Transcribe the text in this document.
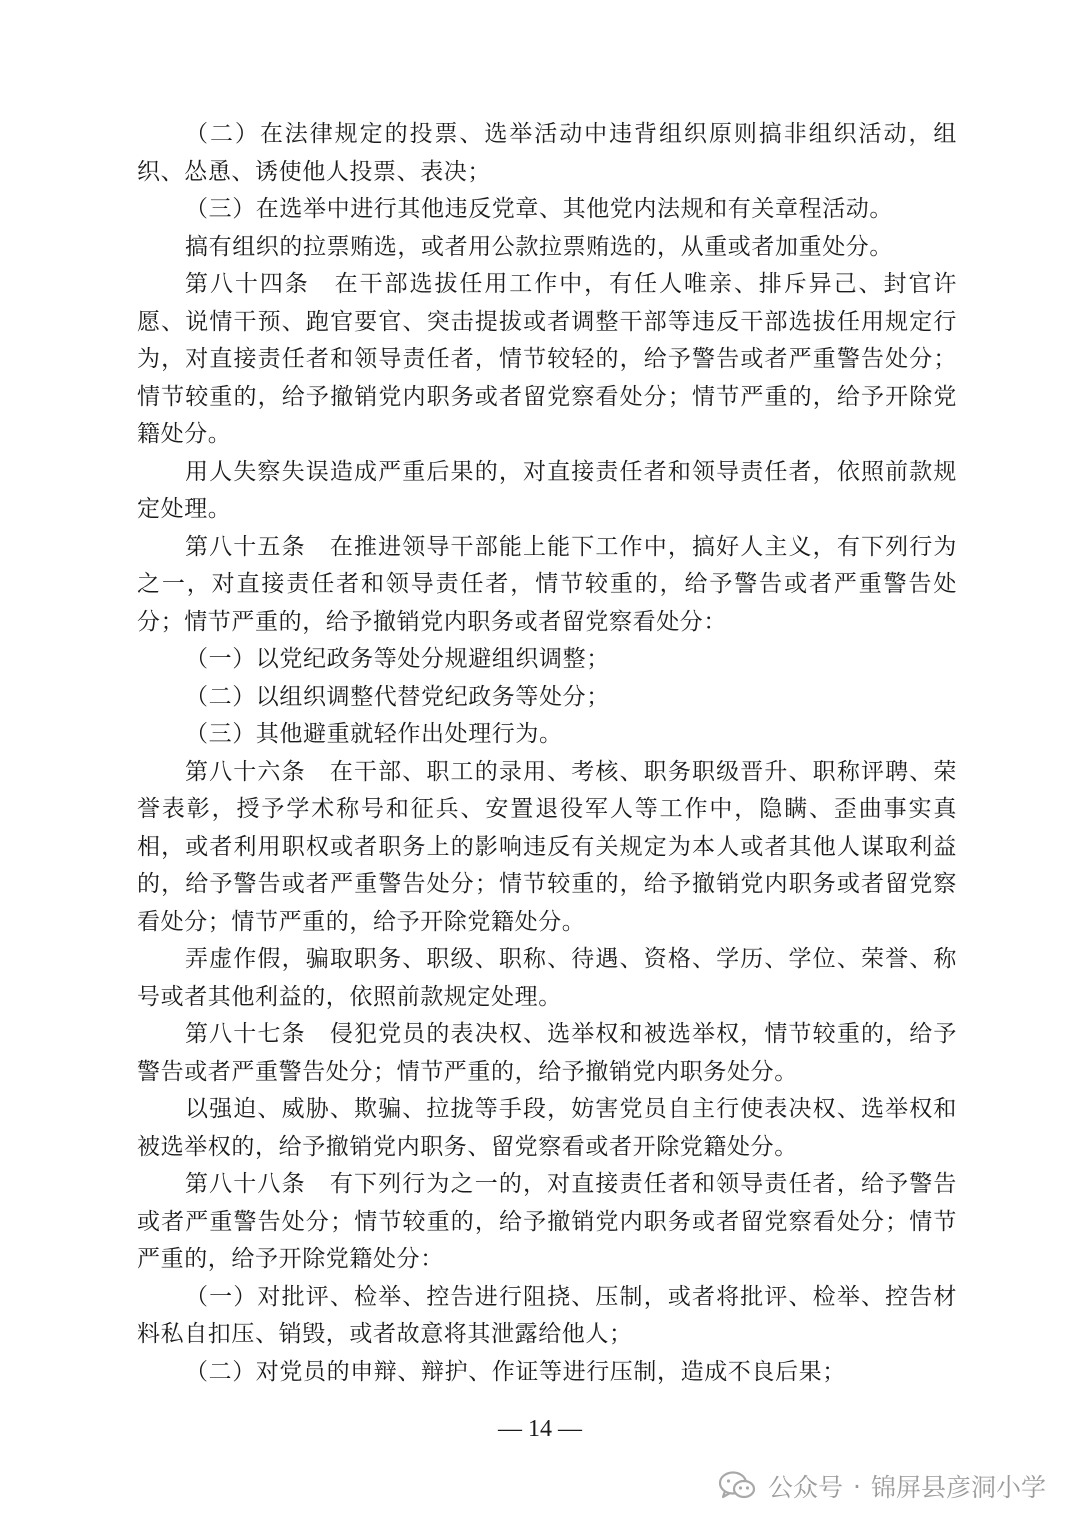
（二）在法律规定的投票、选举活动中违背组织原则搞非组织活动，组织、怂恿、诱使他人投票、表决；

（三）在选举中进行其他违反党章、其他党内法规和有关章程活动。

搞有组织的拉票贿选，或者用公款拉票贿选的，从重或者加重处分。

第八十四条　在干部选拔任用工作中，有任人唯亲、排斥异己、封官许愿、说情干预、跑官要官、突击提拔或者调整干部等违反干部选拔任用规定行为，对直接责任者和领导责任者，情节较轻的，给予警告或者严重警告处分；情节较重的，给予撤销党内职务或者留党察看处分；情节严重的，给予开除党籍处分。

用人失察失误造成严重后果的，对直接责任者和领导责任者，依照前款规定处理。

第八十五条　在推进领导干部能上能下工作中，搞好人主义，有下列行为之一，对直接责任者和领导责任者，情节较重的，给予警告或者严重警告处分；情节严重的，给予撤销党内职务或者留党察看处分：

（一）以党纪政务等处分规避组织调整；

（二）以组织调整代替党纪政务等处分；

（三）其他避重就轻作出处理行为。

第八十六条　在干部、职工的录用、考核、职务职级晋升、职称评聘、荣誉表彰，授予学术称号和征兵、安置退役军人等工作中，隐瞒、歪曲事实真相，或者利用职权或者职务上的影响违反有关规定为本人或者其他人谋取利益的，给予警告或者严重警告处分；情节较重的，给予撤销党内职务或者留党察看处分；情节严重的，给予开除党籍处分。

弄虚作假，骗取职务、职级、职称、待遇、资格、学历、学位、荣誉、称号或者其他利益的，依照前款规定处理。

第八十七条　侵犯党员的表决权、选举权和被选举权，情节较重的，给予警告或者严重警告处分；情节严重的，给予撤销党内职务处分。

以强迫、威胁、欺骗、拉拢等手段，妨害党员自主行使表决权、选举权和被选举权的，给予撤销党内职务、留党察看或者开除党籍处分。

第八十八条　有下列行为之一的，对直接责任者和领导责任者，给予警告或者严重警告处分；情节较重的，给予撤销党内职务或者留党察看处分；情节严重的，给予开除党籍处分：

（一）对批评、检举、控告进行阻挠、压制，或者将批评、检举、控告材料私自扣压、销毁，或者故意将其泄露给他人；

（二）对党员的申辩、辩护、作证等进行压制，造成不良后果；

— 14 —
公众号 · 锦屏县彦洞小学
